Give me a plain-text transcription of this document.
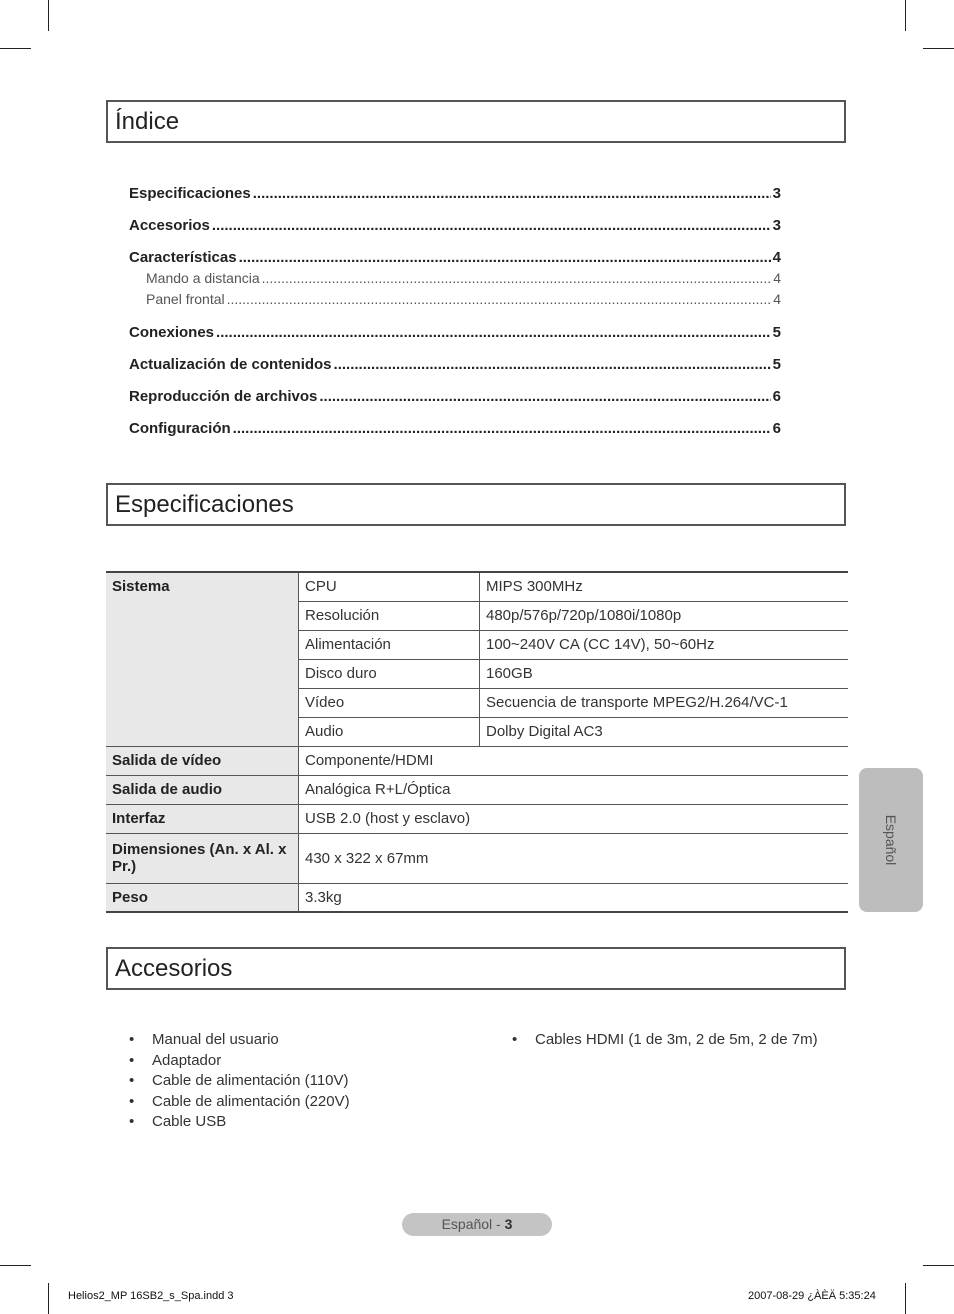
Índice
Especificaciones .....	3
Accesorios .....	3
Características .....	4
Mando a distancia .....	4
Panel frontal .....	4
Conexiones .....	5
Actualización de contenidos .....	5
Reproducción de archivos .....	6
Configuración .....	6
Especificaciones
Sistema	CPU	MIPS 300MHz
	Resolución	480p/576p/720p/1080i/1080p
	Alimentación	100~240V CA (CC 14V), 50~60Hz
	Disco duro	160GB
	Vídeo	Secuencia de transporte MPEG2/H.264/VC-1
	Audio	Dolby Digital AC3
Salida de vídeo	Componente/HDMI	
Salida de audio	Analógica R+L/Óptica	
Interfaz	USB 2.0 (host y esclavo)	
Dimensiones (An. x Al. x Pr.)	430 x 322 x 67mm	
Peso	3.3kg	
Accesorios
•	Manual del usuario
•	Adaptador
•	Cable de alimentación (110V)
•	Cable de alimentación (220V)
•	Cable USB
•	Cables HDMI (1 de 3m, 2 de 5m, 2 de 7m)
Español
Español - 3
Helios2_MP 16SB2_s_Spa.indd 3	2007-08-29 ¿ÀÈÄ 5:35:24
